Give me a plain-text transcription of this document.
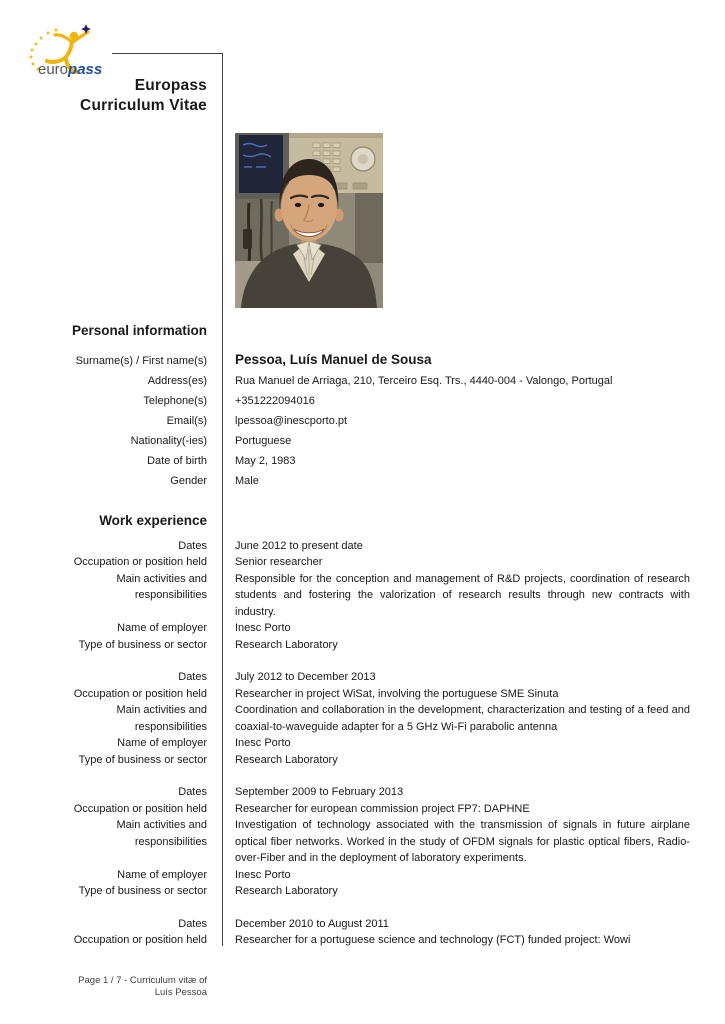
europass
Europass
Curriculum Vitae
Personal information
Surname(s) / First name(s) Pessoa, Luís Manuel de Sousa
Address(es)	Rua Manuel de Arriaga, 210, Terceiro Esq. Trs., 4440-004 - Valongo, Portugal
Telephone(s)	+351222094016
Email(s)	lpessoa@inescporto.pt
Nationality(-ies)	Portuguese
Date of birth	May 2, 1983
Gender	Male
Work experience
Dates	June 2012 to present date
Occupation or position held	Senior researcher
Main activities and responsibilities
Responsible for the conception and management of R&D projects, coordination of research students and fostering the valorization of research results through new contracts with industry.
Name of employer	Inesc Porto
Type of business or sector	Research Laboratory
Dates	July 2012 to December 2013
Occupation or position held	Researcher in project WiSat, involving the portuguese SME Sinuta
Main activities and responsibilities
Coordination and collaboration in the development, characterization and testing of a feed and coaxial-to-waveguide adapter for a 5 GHz Wi-Fi parabolic antenna
Name of employer	Inesc Porto
Type of business or sector	Research Laboratory
Dates	September 2009 to February 2013
Occupation or position held	Researcher for european commission project FP7: DAPHNE
Main activities and responsibilities
Investigation of technology associated with the transmission of signals in future airplane optical fiber networks. Worked in the study of OFDM signals for plastic optical fibers, Radio-over-Fiber and in the deployment of laboratory experiments.
Name of employer	Inesc Porto
Type of business or sector	Research Laboratory
Dates	December 2010 to August 2011
Occupation or position held	Researcher for a portuguese science and technology (FCT) funded project: Wowi
Page 1 / 7 - Curriculum vitæ of
Luís Pessoa
